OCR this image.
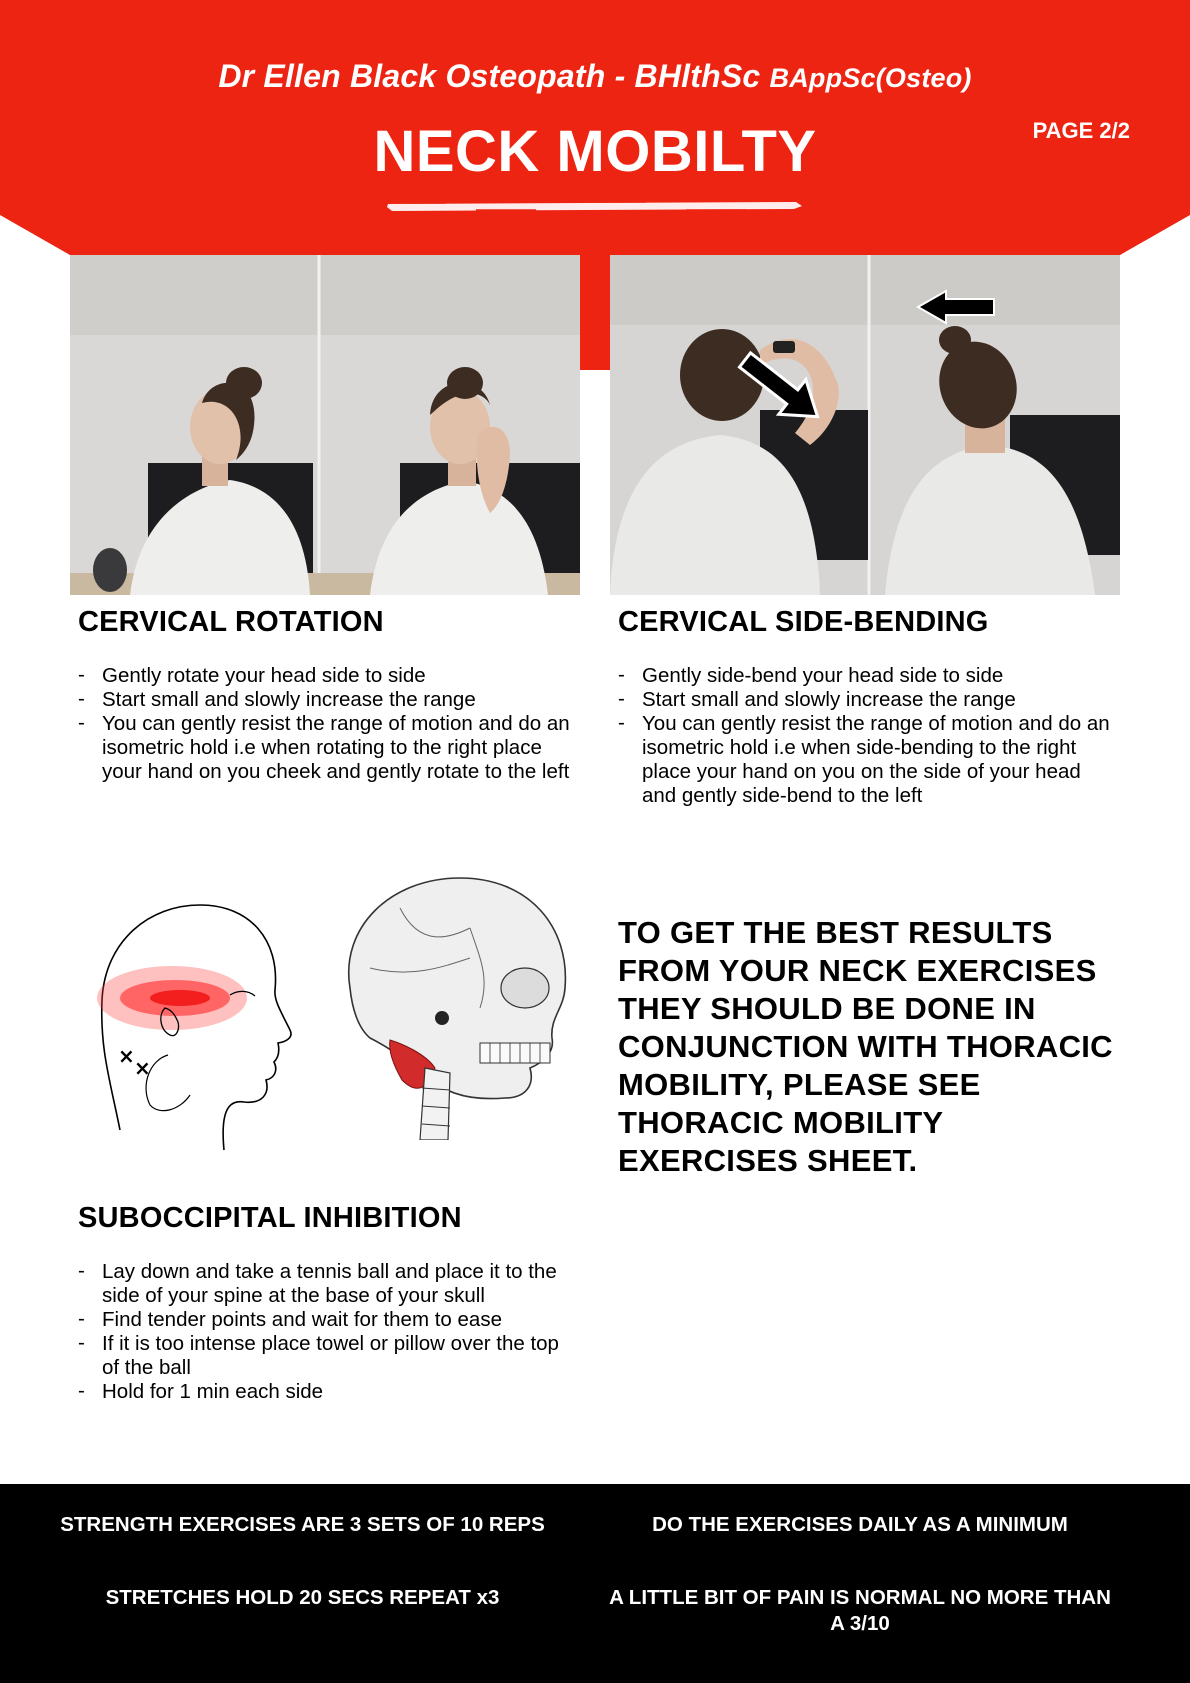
Dr Ellen Black Osteopath - BHlthSc BAppSc(Osteo)
NECK MOBILTY	PAGE 2/2
CERVICAL ROTATION
- Gently rotate your head side to side
- Start small and slowly increase the range
- You can gently resist the range of motion and do an isometric hold i.e when rotating to the right place your hand on you cheek and gently rotate to the left
CERVICAL SIDE-BENDING
- Gently side-bend your head side to side
- Start small and slowly increase the range
- You can gently resist the range of motion and do an isometric hold i.e when side-bending to the right place your hand on you on the side of your head and gently side-bend to the left
× ×
TO GET THE BEST RESULTS FROM YOUR NECK EXERCISES THEY SHOULD BE DONE IN CONJUNCTION WITH THORACIC MOBILITY, PLEASE SEE THORACIC MOBILITY EXERCISES SHEET.
SUBOCCIPITAL INHIBITION
- Lay down and take a tennis ball and place it to the side of your spine at the base of your skull
- Find tender points and wait for them to ease
- If it is too intense place towel or pillow over the top of the ball
- Hold for 1 min each side
STRENGTH EXERCISES ARE 3 SETS OF 10 REPS	DO THE EXERCISES DAILY AS A MINIMUM
STRETCHES HOLD 20 SECS REPEAT x3	A LITTLE BIT OF PAIN IS NORMAL NO MORE THAN A 3/10
